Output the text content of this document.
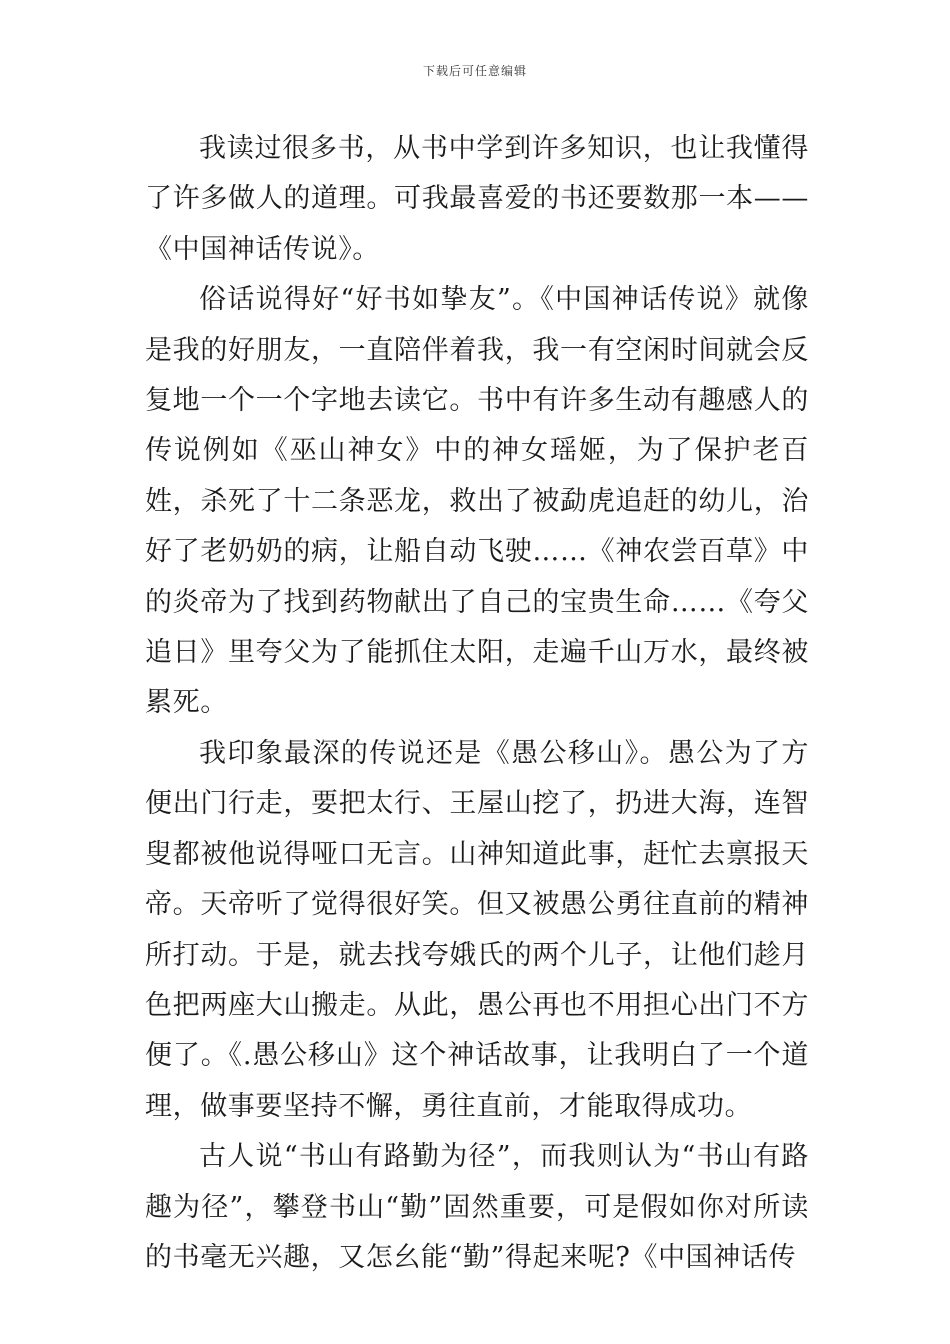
下载后可任意编辑

我读过很多书，从书中学到许多知识，也让我懂得了许多做人的道理。可我最喜爱的书还要数那一本——《中国神话传说》。

俗话说得好“好书如挚友”。《中国神话传说》就像是我的好朋友，一直陪伴着我，我一有空闲时间就会反复地一个一个字地去读它。书中有许多生动有趣感人的传说例如《巫山神女》中的神女瑶姬，为了保护老百姓，杀死了十二条恶龙，救出了被勐虎追赶的幼儿，治好了老奶奶的病，让船自动飞驶……《神农尝百草》中的炎帝为了找到药物献出了自己的宝贵生命……《夸父追日》里夸父为了能抓住太阳，走遍千山万水，最终被累死。

我印象最深的传说还是《愚公移山》。愚公为了方便出门行走，要把太行、王屋山挖了，扔进大海，连智叟都被他说得哑口无言。山神知道此事，赶忙去禀报天帝。天帝听了觉得很好笑。但又被愚公勇往直前的精神所打动。于是，就去找夸娥氏的两个儿子，让他们趁月色把两座大山搬走。从此，愚公再也不用担心出门不方便了。《.愚公移山》这个神话故事，让我明白了一个道理，做事要坚持不懈，勇往直前，才能取得成功。

古人说“书山有路勤为径”，而我则认为“书山有路趣为径”，攀登书山“勤”固然重要，可是假如你对所读的书毫无兴趣，又怎幺能“勤”得起来呢?《中国神话传
